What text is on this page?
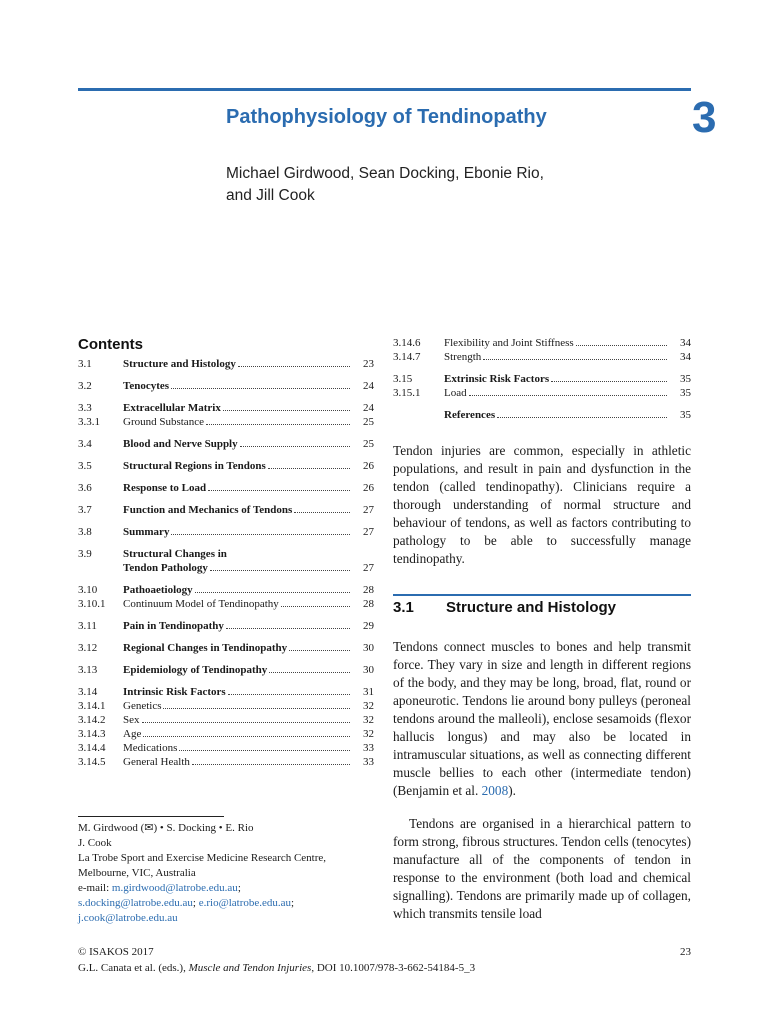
Pathophysiology of Tendinopathy	3
Michael Girdwood, Sean Docking, Ebonie Rio,
and Jill Cook
Contents
3.1	Structure and Histology	23
3.2	Tenocytes	24
3.3	Extracellular Matrix	24
3.3.1	Ground Substance	25
3.4	Blood and Nerve Supply	25
3.5	Structural Regions in Tendons	26
3.6	Response to Load	26
3.7	Function and Mechanics of Tendons	27
3.8	Summary	27
3.9	Structural Changes in
Tendon Pathology	27
3.10	Pathoaetiology	28
3.10.1	Continuum Model of Tendinopathy	28
3.11	Pain in Tendinopathy	29
3.12	Regional Changes in Tendinopathy	30
3.13	Epidemiology of Tendinopathy	30
3.14	Intrinsic Risk Factors	31
3.14.1	Genetics	32
3.14.2	Sex	32
3.14.3	Age	32
3.14.4	Medications	33
3.14.5	General Health	33
3.14.6	Flexibility and Joint Stiffness	34
3.14.7	Strength	34
3.15	Extrinsic Risk Factors	35
3.15.1	Load	35
References	35
M. Girdwood (✉) • S. Docking • E. Rio
J. Cook
La Trobe Sport and Exercise Medicine Research Centre,
Melbourne, VIC, Australia
e-mail: m.girdwood@latrobe.edu.au;
s.docking@latrobe.edu.au; e.rio@latrobe.edu.au;
j.cook@latrobe.edu.au

Tendon injuries are common, especially in athletic populations, and result in pain and dysfunction in the tendon (called tendinopathy). Clinicians require a thorough understanding of normal structure and behaviour of tendons, as well as factors contributing to pathology to be able to successfully manage tendinopathy.

3.1 Structure and Histology

Tendons connect muscles to bones and help transmit force. They vary in size and length in different regions of the body, and they may be long, broad, flat, round or aponeurotic. Tendons lie around bony pulleys (peroneal tendons around the malleoli), enclose sesamoids (flexor hallucis longus) and may also be located in intramuscular situations, as well as connecting different muscle bellies to each other (intermediate tendon) (Benjamin et al. 2008).

Tendons are organised in a hierarchical pattern to form strong, fibrous structures. Tendon cells (tenocytes) manufacture all of the components of tendon in response to the environment (both load and chemical signalling). Tendons are primarily made up of collagen, which transmits tensile load

© ISAKOS 2017
G.L. Canata et al. (eds.), Muscle and Tendon Injuries, DOI 10.1007/978-3-662-54184-5_3
23
